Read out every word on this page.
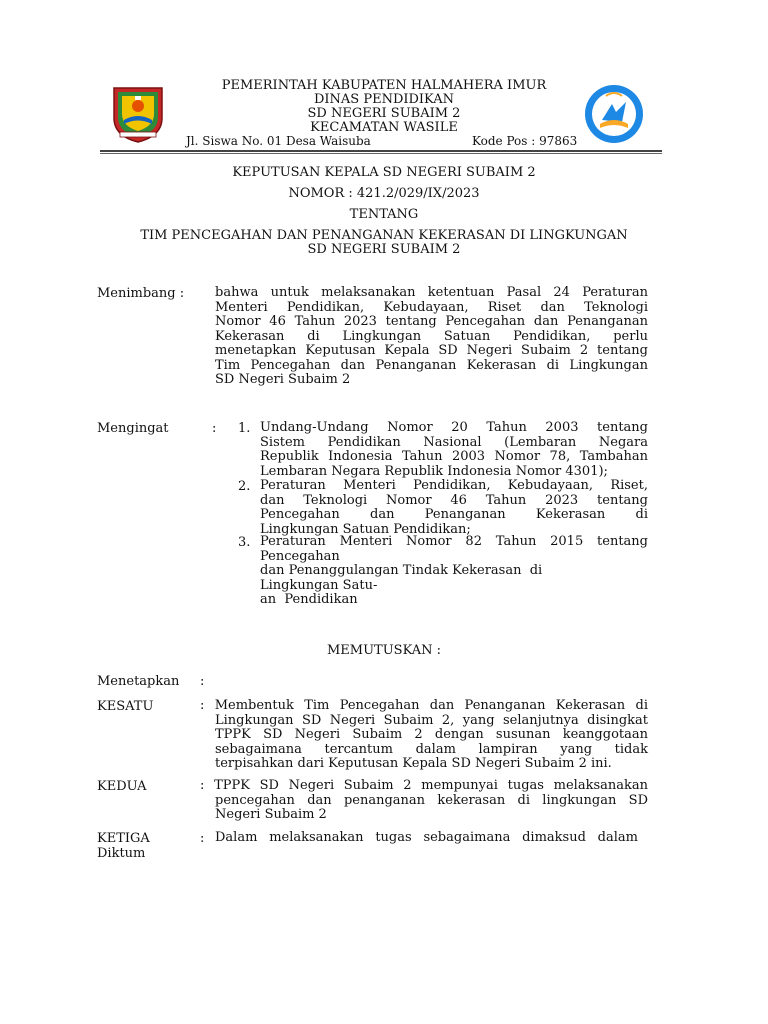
PEMERINTAH KABUPATEN HALMAHERA IMUR
DINAS PENDIDIKAN
SD NEGERI SUBAIM 2
KECAMATAN WASILE
Jl. Siswa No. 01 Desa Waisuba	Kode Pos : 97863
KEPUTUSAN KEPALA SD NEGERI SUBAIM 2
NOMOR : 421.2/029/IX/2023
TENTANG
TIM PENCEGAHAN DAN PENANGANAN KEKERASAN DI LINGKUNGAN
SD NEGERI SUBAIM 2
Menimbang : bahwa untuk melaksanakan ketentuan Pasal 24 Peraturan
Menteri Pendidikan, Kebudayaan, Riset dan Teknologi
Nomor 46 Tahun 2023 tentang Pencegahan dan Penanganan
Kekerasan di Lingkungan Satuan Pendidikan, perlu
menetapkan Keputusan Kepala SD Negeri Subaim 2 tentang
Tim Pencegahan dan Penanganan Kekerasan di Lingkungan
SD Negeri Subaim 2
Mengingat	: 1. Undang-Undang Nomor 20 Tahun 2003 tentang
Sistem Pendidikan Nasional (Lembaran Negara
Republik Indonesia Tahun 2003 Nomor 78, Tambahan
Lembaran Negara Republik Indonesia Nomor 4301);
2. Peraturan Menteri Pendidikan, Kebudayaan, Riset,
dan Teknologi Nomor 46 Tahun 2023 tentang
Pencegahan dan Penanganan Kekerasan di
Lingkungan Satuan Pendidikan;
3. Peraturan Menteri Nomor 82 Tahun 2015 tentang
Pencegahan
dan Penanggulangan Tindak Kekerasan  di
Lingkungan Satu-
an  Pendidikan
MEMUTUSKAN :
Menetapkan :
KESATU	: Membentuk Tim Pencegahan dan Penanganan Kekerasan di
Lingkungan SD Negeri Subaim 2, yang selanjutnya disingkat
TPPK SD Negeri Subaim 2 dengan susunan keanggotaan
sebagaimana tercantum dalam lampiran yang tidak
terpisahkan dari Keputusan Kepala SD Negeri Subaim 2 ini.
KEDUA	: TPPK SD Negeri Subaim 2 mempunyai tugas melaksanakan
pencegahan dan penanganan kekerasan di lingkungan SD
Negeri Subaim 2
KETIGA
Diktum
: Dalam melaksanakan tugas sebagaimana dimaksud dalam
